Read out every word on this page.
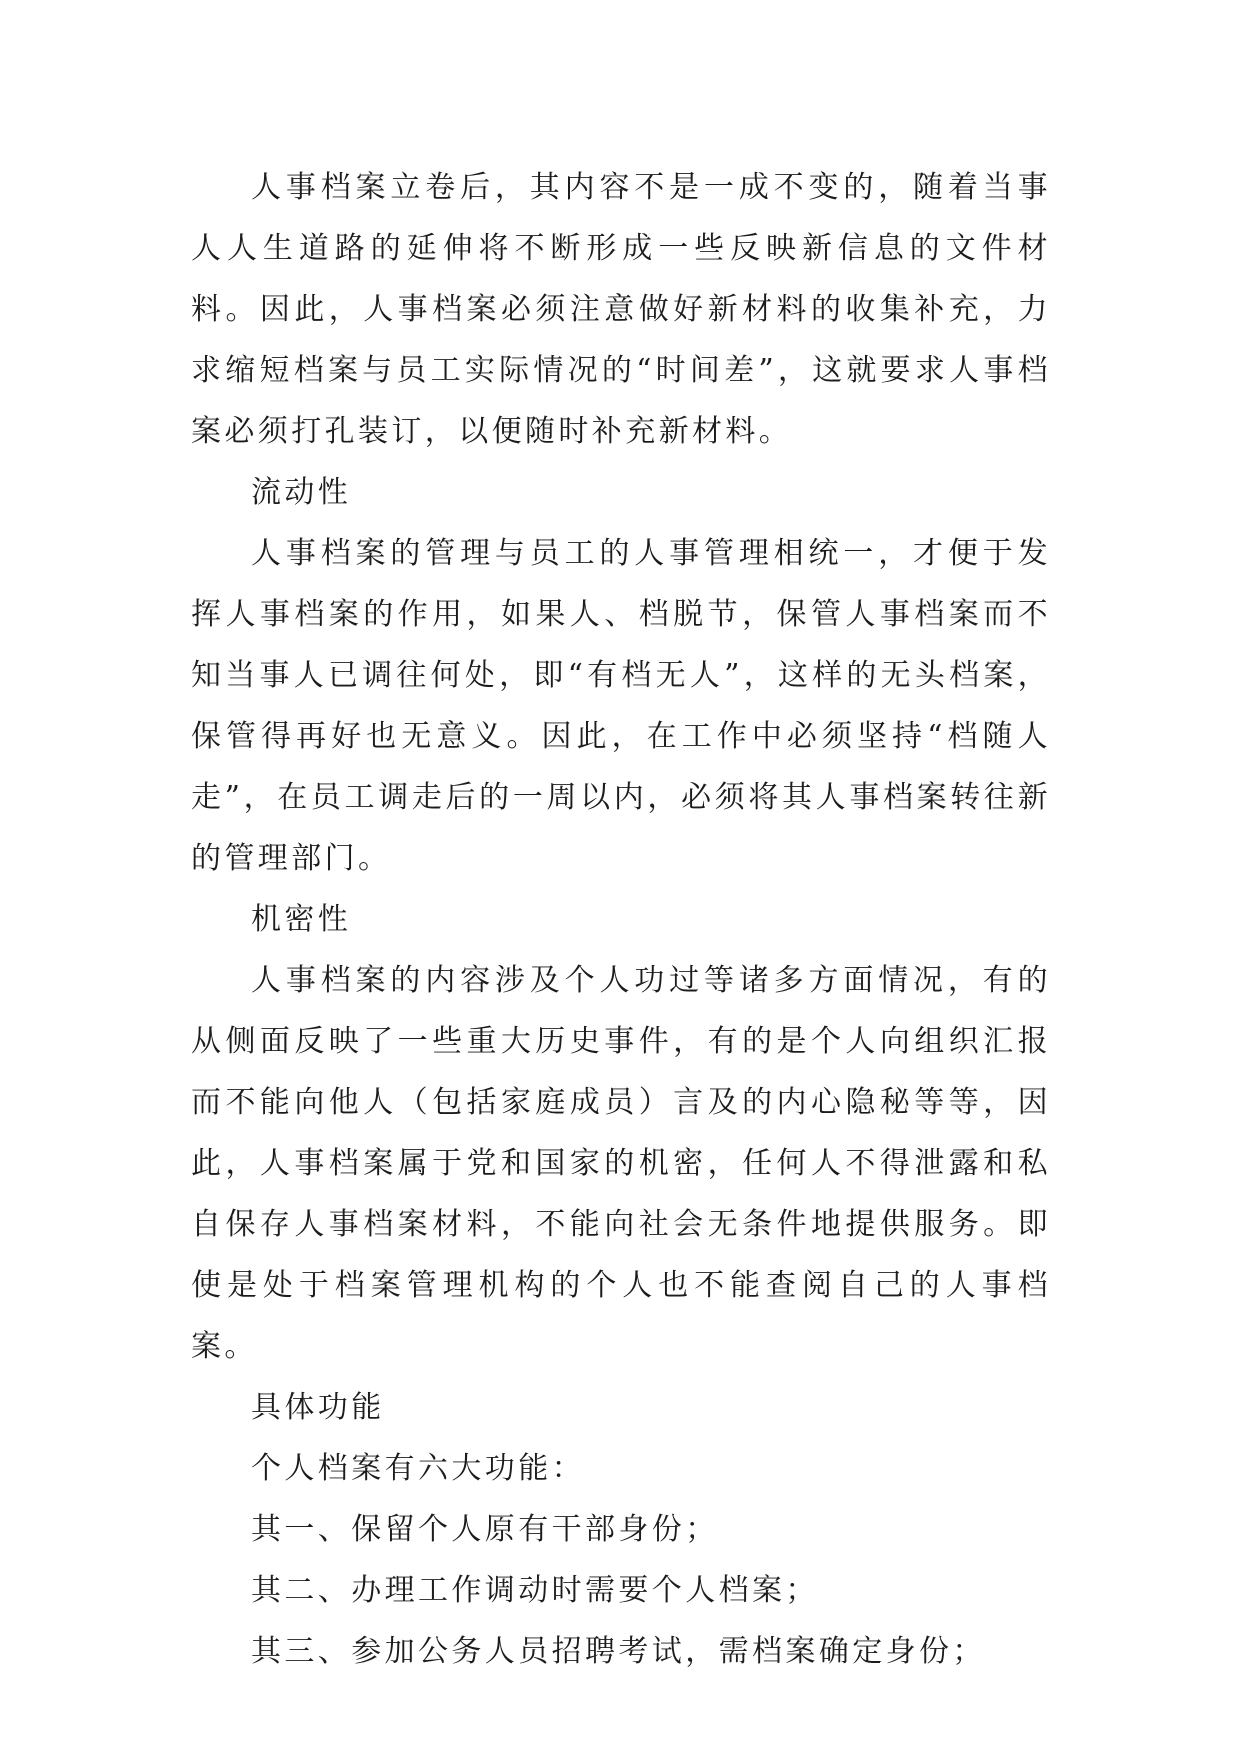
人事档案立卷后，其内容不是一成不变的，随着当事人人生道路的延伸将不断形成一些反映新信息的文件材料。因此，人事档案必须注意做好新材料的收集补充，力求缩短档案与员工实际情况的“时间差”，这就要求人事档案必须打孔装订，以便随时补充新材料。

流动性

人事档案的管理与员工的人事管理相统一，才便于发挥人事档案的作用，如果人、档脱节，保管人事档案而不知当事人已调往何处，即“有档无人”，这样的无头档案，保管得再好也无意义。因此，在工作中必须坚持“档随人走”，在员工调走后的一周以内，必须将其人事档案转往新的管理部门。

机密性

人事档案的内容涉及个人功过等诸多方面情况，有的从侧面反映了一些重大历史事件，有的是个人向组织汇报而不能向他人（包括家庭成员）言及的内心隐秘等等，因此，人事档案属于党和国家的机密，任何人不得泄露和私自保存人事档案材料，不能向社会无条件地提供服务。即使是处于档案管理机构的个人也不能查阅自己的人事档案。

具体功能

个人档案有六大功能：

其一、保留个人原有干部身份；

其二、办理工作调动时需要个人档案；

其三、参加公务人员招聘考试，需档案确定身份；
